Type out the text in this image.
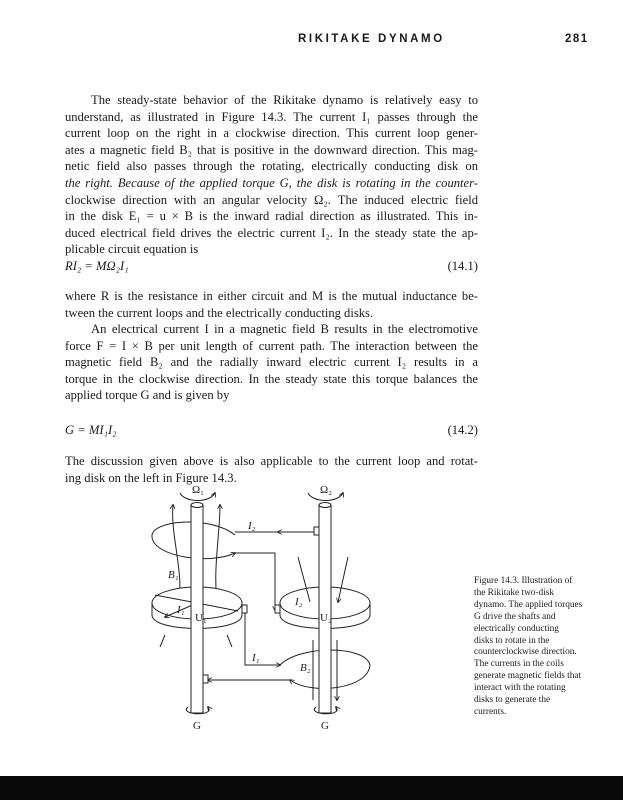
RIKITAKE DYNAMO	281
The steady-state behavior of the Rikitake dynamo is relatively easy to
understand, as illustrated in Figure 14.3. The current I₁ passes through the
current loop on the right in a clockwise direction. This current loop gener-
ates a magnetic field B₂ that is positive in the downward direction. This mag-
netic field also passes through the rotating, electrically conducting disk on
the right. Because of the applied torque G, the disk is rotating in the counter-
clockwise direction with an angular velocity Ω₂. The induced electric field
in the disk E₁ = u × B is the inward radial direction as illustrated. This in-
duced electrical field drives the electric current I₂. In the steady state the ap-
plicable circuit equation is
RI₂ = MΩ₂I₁	(14.1)
where R is the resistance in either circuit and M is the mutual inductance be-
tween the current loops and the electrically conducting disks.
An electrical current I in a magnetic field B results in the electromotive
force F = I × B per unit length of current path. The interaction between the
magnetic field B₂ and the radially inward electric current I₂ results in a
torque in the clockwise direction. In the steady state this torque balances the
applied torque G and is given by
G = MI₁I₂	(14.2)
The discussion given above is also applicable to the current loop and rotat-
ing disk on the left in Figure 14.3.
Ω₁	Ω₂
I₂
B₁
I₁
U₁
I₂
U₂
I₁
B₂
G	G
Figure 14.3. Illustration of
the Rikitake two-disk
dynamo. The applied torques
G drive the shafts and
electrically conducting
disks to rotate in the
counterclockwise direction.
The currents in the coils
generate magnetic fields that
interact with the rotating
disks to generate the
currents.
